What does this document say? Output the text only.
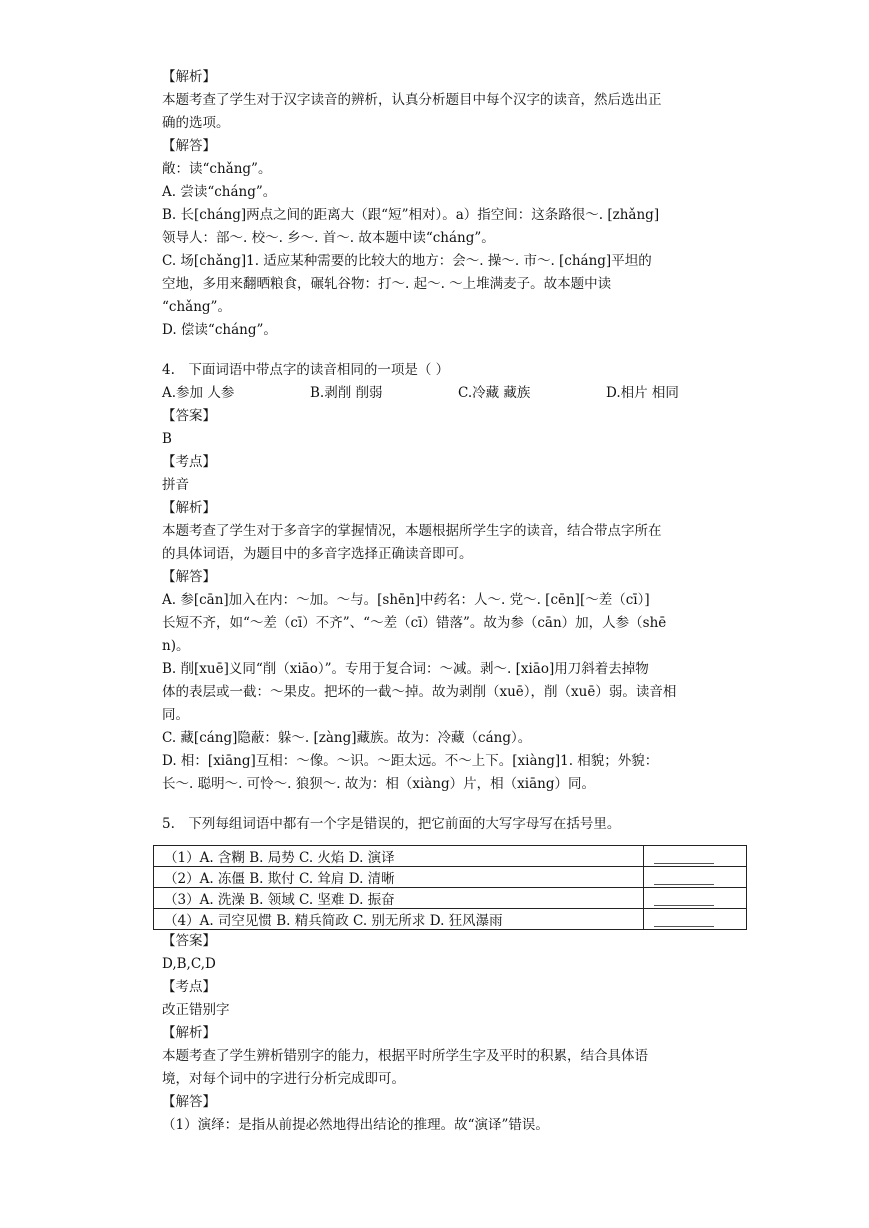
【解析】
本题考查了学生对于汉字读音的辨析，认真分析题目中每个汉字的读音，然后选出正
确的选项。
【解答】
敞：读“chǎng”。
A. 尝读“cháng”。
B. 长[cháng]两点之间的距离大（跟“短”相对）。a）指空间：这条路很～. [zhǎng]
领导人：部～. 校～. 乡～. 首～. 故本题中读“cháng”。
C. 场[chǎng]1. 适应某种需要的比较大的地方：会～. 操～. 市～. [cháng]平坦的
空地，多用来翻晒粮食，碾轧谷物：打～. 起～. ～上堆满麦子。故本题中读
“chǎng”。
D. 偿读“cháng”。
4.　下面词语中带点字的读音相同的一项是（ ）
A.参加 人参	B.剥削 削弱	C.冷藏 藏族	D.相片 相同
【答案】
B
【考点】
拼音
【解析】
本题考查了学生对于多音字的掌握情况，本题根据所学生字的读音，结合带点字所在
的具体词语，为题目中的多音字选择正确读音即可。
【解答】
A. 参[cān]加入在内：～加。～与。[shēn]中药名：人～. 党～. [cēn][～差（cī）]
长短不齐，如“～差（cī）不齐”、“～差（cī）错落”。故为参（cān）加，人参（shē
n)。
B. 削[xuē]义同“削（xiāo）”。专用于复合词：～减。剥～. [xiāo]用刀斜着去掉物
体的表层或一截：～果皮。把坏的一截～掉。故为剥削（xuē），削（xuē）弱。读音相
同。
C. 藏[cáng]隐蔽：躲～. [zàng]藏族。故为：冷藏（cáng）。
D. 相：[xiāng]互相：～像。～识。～距太远。不～上下。[xiàng]1. 相貌；外貌：
长～. 聪明～. 可怜～. 狼狈～. 故为：相（xiàng）片，相（xiāng）同。
5.　下列每组词语中都有一个字是错误的，把它前面的大写字母写在括号里。
（1）A. 含糊 B. 局势 C. 火焰 D. 演译	

（2）A. 冻僵 B. 欺付 C. 耸肩 D. 清晰	

（3）A. 洗澡 B. 领域 C. 坚难 D. 振奋	

（4）A. 司空见惯 B. 精兵简政 C. 别无所求 D. 狂风瀑雨	
【答案】
D,B,C,D
【考点】
改正错别字
【解析】
本题考查了学生辨析错别字的能力，根据平时所学生字及平时的积累，结合具体语
境，对每个词中的字进行分析完成即可。
【解答】
（1）演绎：是指从前提必然地得出结论的推理。故“演译”错误。
